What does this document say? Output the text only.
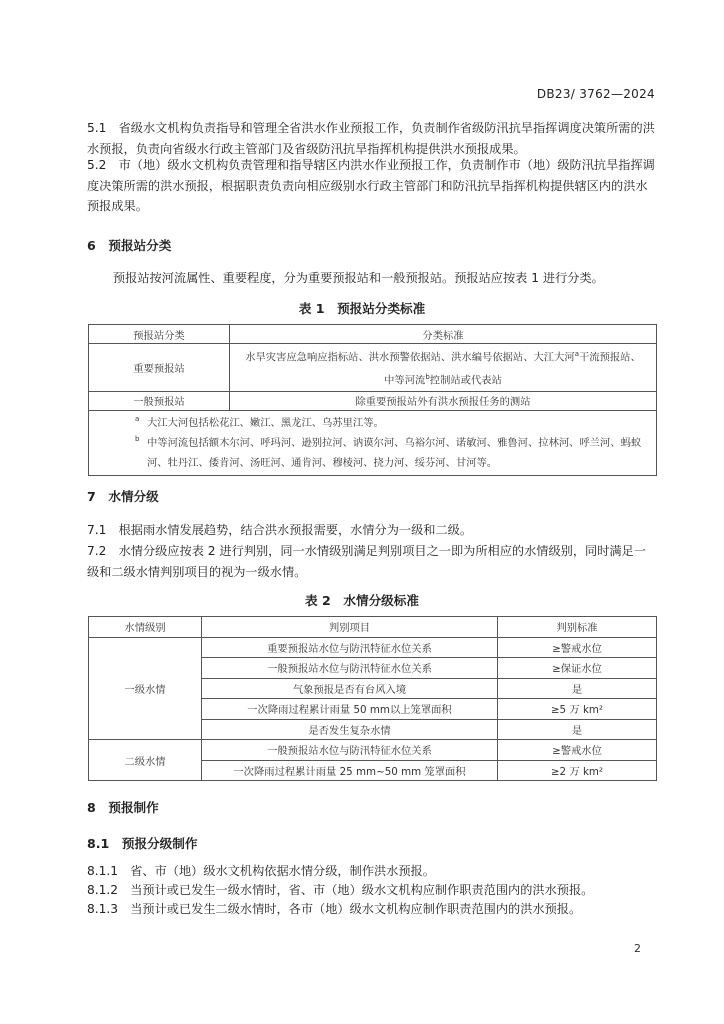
DB23/ 3762—2024
5.1　省级水文机构负责指导和管理全省洪水作业预报工作，负责制作省级防汛抗旱指挥调度决策所需的洪水预报，负责向省级水行政主管部门及省级防汛抗旱指挥机构提供洪水预报成果。
5.2　市（地）级水文机构负责管理和指导辖区内洪水作业预报工作，负责制作市（地）级防汛抗旱指挥调度决策所需的洪水预报，根据职责负责向相应级别水行政主管部门和防汛抗旱指挥机构提供辖区内的洪水预报成果。
6　预报站分类
预报站按河流属性、重要程度，分为重要预报站和一般预报站。预报站应按表 1 进行分类。
表 1　预报站分类标准
预报站分类	分类标准
重要预报站	水旱灾害应急响应指标站、洪水预警依据站、洪水编号依据站、大江大河$^a$干流预报站、
中等河流$^b$控制站或代表站
一般预报站	除重要预报站外有洪水预报任务的测站

a 大江大河包括松花江、嫩江、黑龙江、乌苏里江等。
b 中等河流包括额木尔河、呼玛河、逊别拉河、讷谟尔河、乌裕尔河、诺敏河、雅鲁河、拉林河、呼兰河、蚂蚁河、牡丹江、倭肯河、汤旺河、通肯河、穆棱河、挠力河、绥芬河、甘河等。	
7　水情分级
7.1　根据雨水情发展趋势，结合洪水预报需要，水情分为一级和二级。
7.2　水情分级应按表 2 进行判别，同一水情级别满足判别项目之一即为所相应的水情级别，同时满足一级和二级水情判别项目的视为一级水情。
表 2　水情分级标准
水情级别	判别项目	判别标准
一级水情	重要预报站水位与防汛特征水位关系	≥警戒水位
	一般预报站水位与防汛特征水位关系	≥保证水位
	气象预报是否有台风入境	是
	一次降雨过程累计雨量 50 mm以上笼罩面积	≥5 万 km²
	是否发生复杂水情	是
二级水情	一般预报站水位与防汛特征水位关系	≥警戒水位
	一次降雨过程累计雨量 25 mm~50 mm 笼罩面积	≥2 万 km²
8　预报制作
8.1　预报分级制作
8.1.1　省、市（地）级水文机构依据水情分级，制作洪水预报。
8.1.2　当预计或已发生一级水情时，省、市（地）级水文机构应制作职责范围内的洪水预报。
8.1.3　当预计或已发生二级水情时，各市（地）级水文机构应制作职责范围内的洪水预报。
2
